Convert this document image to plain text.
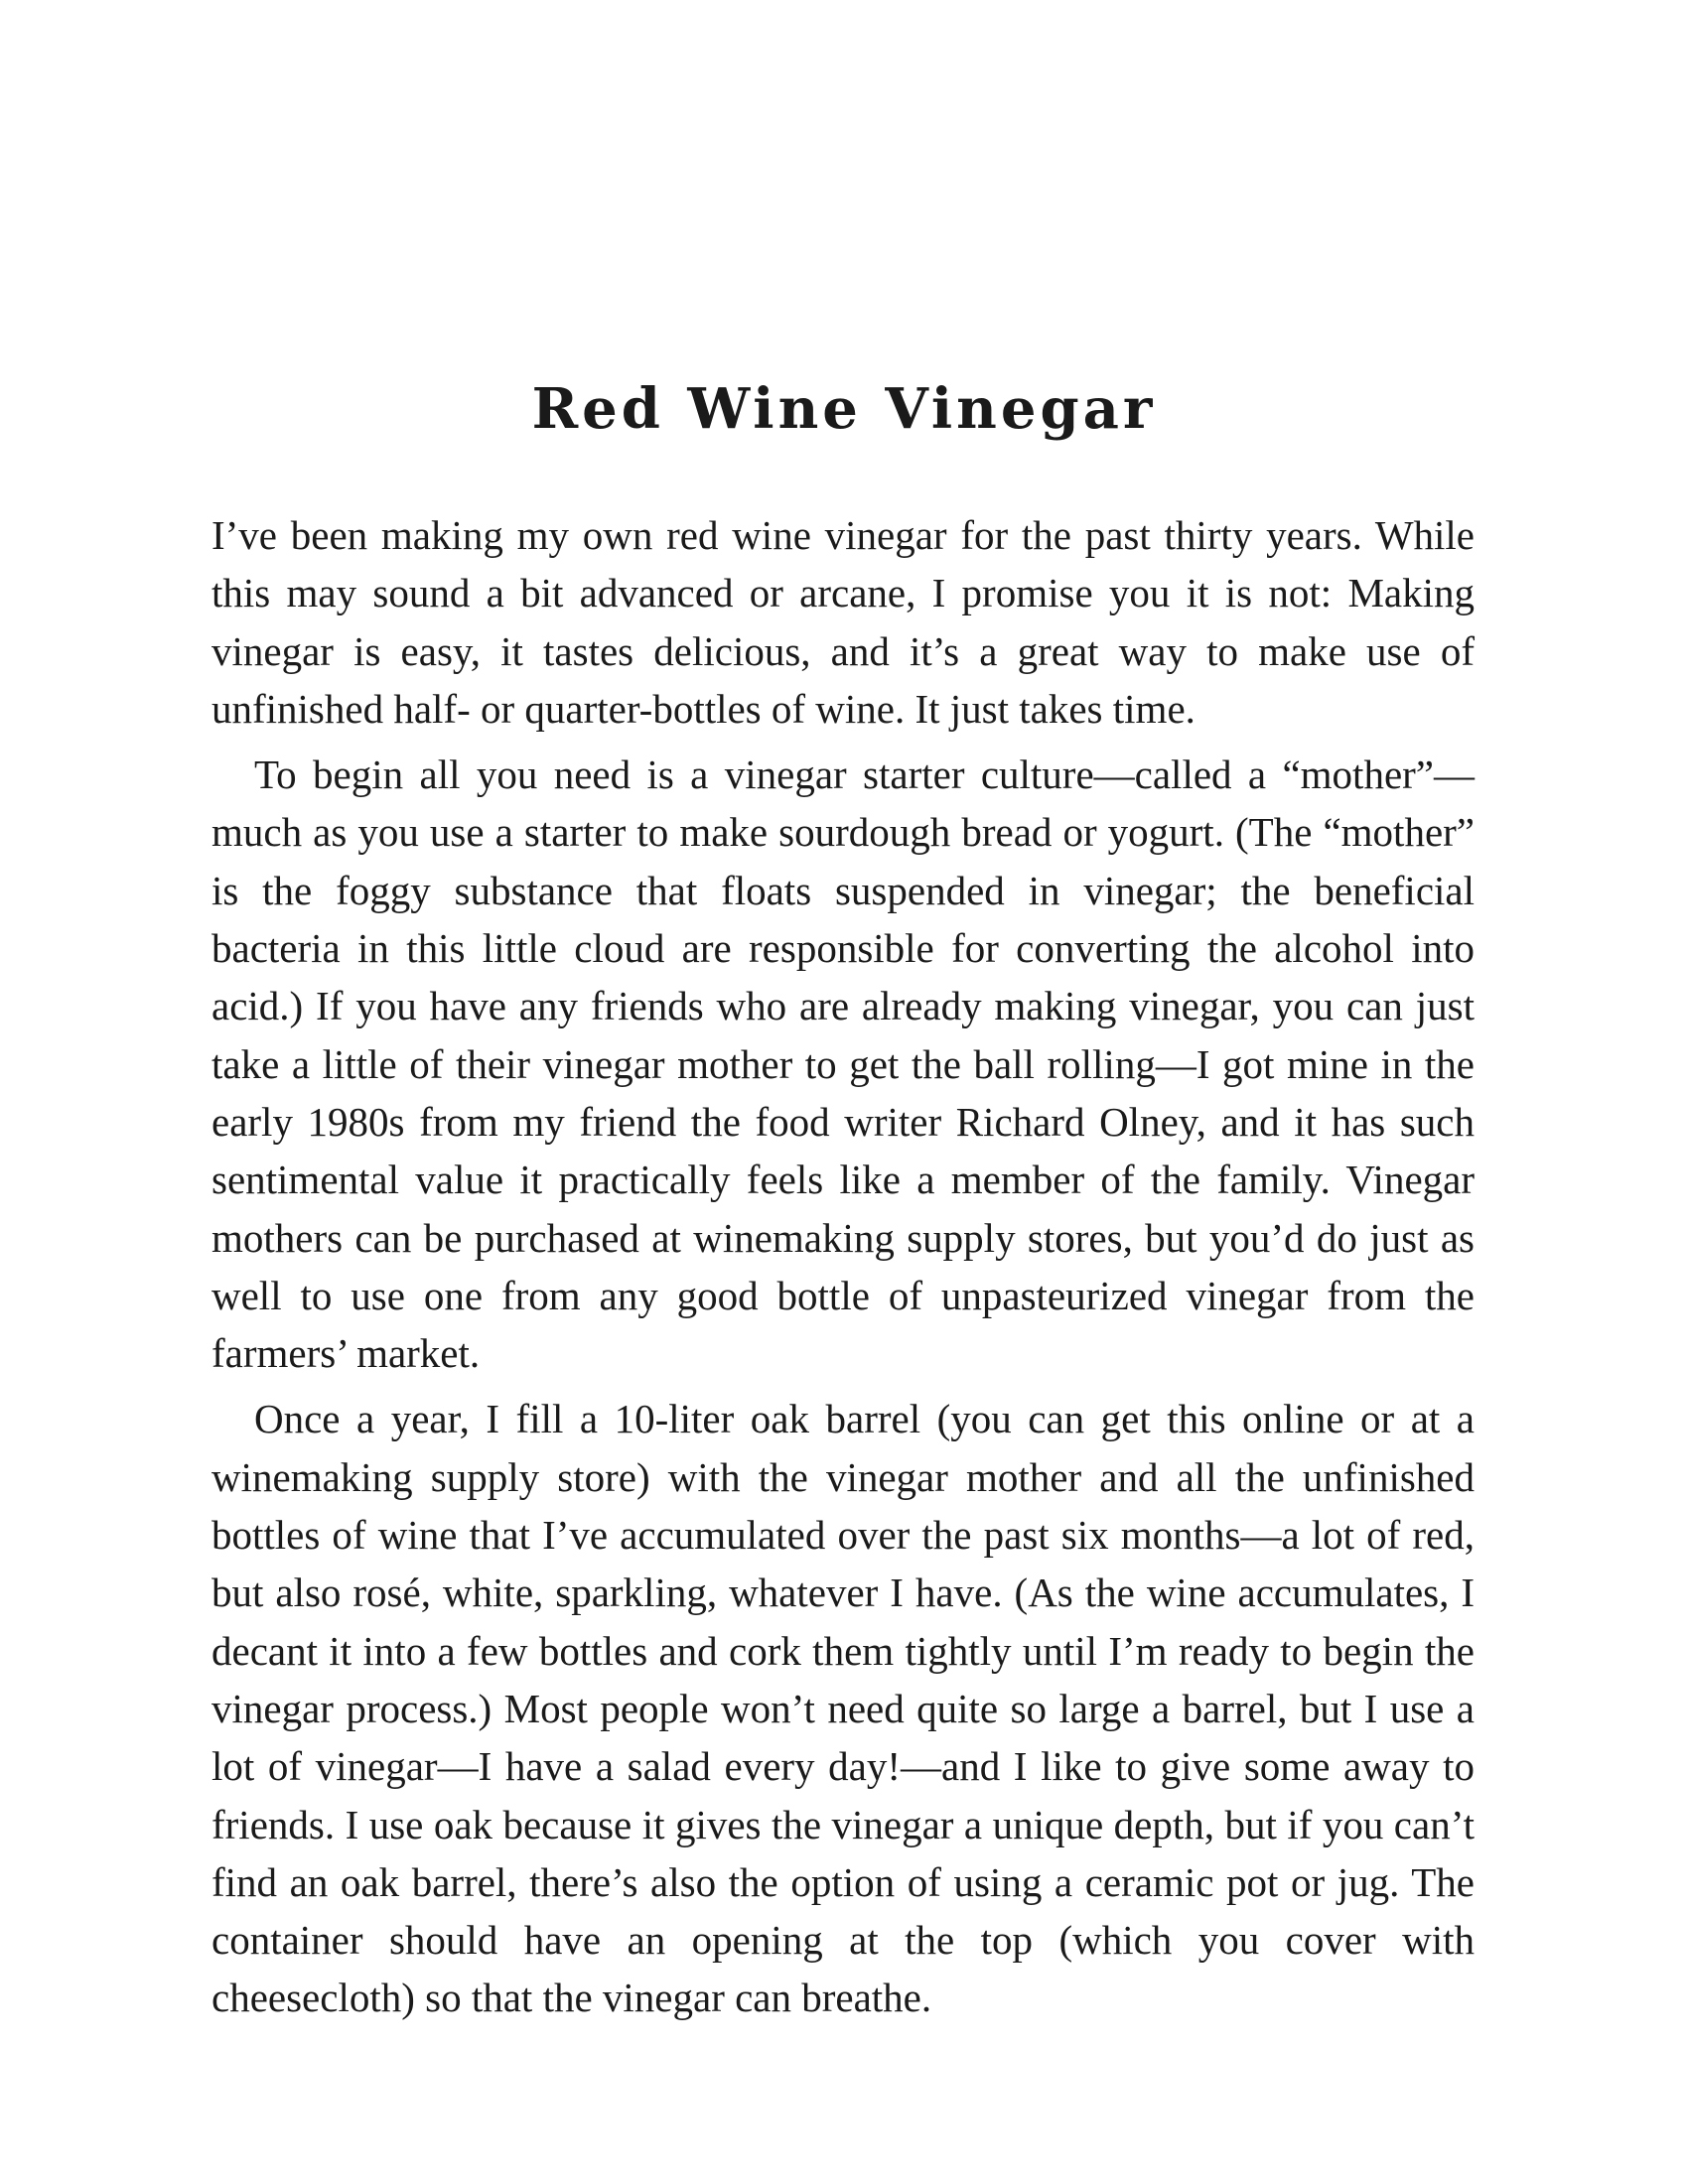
Red Wine Vinegar

I’ve been making my own red wine vinegar for the past thirty years. While this may sound a bit advanced or arcane, I promise you it is not: Making vinegar is easy, it tastes delicious, and it’s a great way to make use of unfinished half- or quarter-bottles of wine. It just takes time.

To begin all you need is a vinegar starter culture—called a “mother”—much as you use a starter to make sourdough bread or yogurt. (The “mother” is the foggy substance that floats suspended in vinegar; the beneficial bacteria in this little cloud are responsible for converting the alcohol into acid.) If you have any friends who are already making vinegar, you can just take a little of their vinegar mother to get the ball rolling—I got mine in the early 1980s from my friend the food writer Richard Olney, and it has such sentimental value it practically feels like a member of the family. Vinegar mothers can be purchased at winemaking supply stores, but you’d do just as well to use one from any good bottle of unpasteurized vinegar from the farmers’ market.

Once a year, I fill a 10-liter oak barrel (you can get this online or at a winemaking supply store) with the vinegar mother and all the unfinished bottles of wine that I’ve accumulated over the past six months—a lot of red, but also rosé, white, sparkling, whatever I have. (As the wine accumulates, I decant it into a few bottles and cork them tightly until I’m ready to begin the vinegar process.) Most people won’t need quite so large a barrel, but I use a lot of vinegar—I have a salad every day!—and I like to give some away to friends. I use oak because it gives the vinegar a unique depth, but if you can’t find an oak barrel, there’s also the option of using a ceramic pot or jug. The container should have an opening at the top (which you cover with cheesecloth) so that the vinegar can breathe.
